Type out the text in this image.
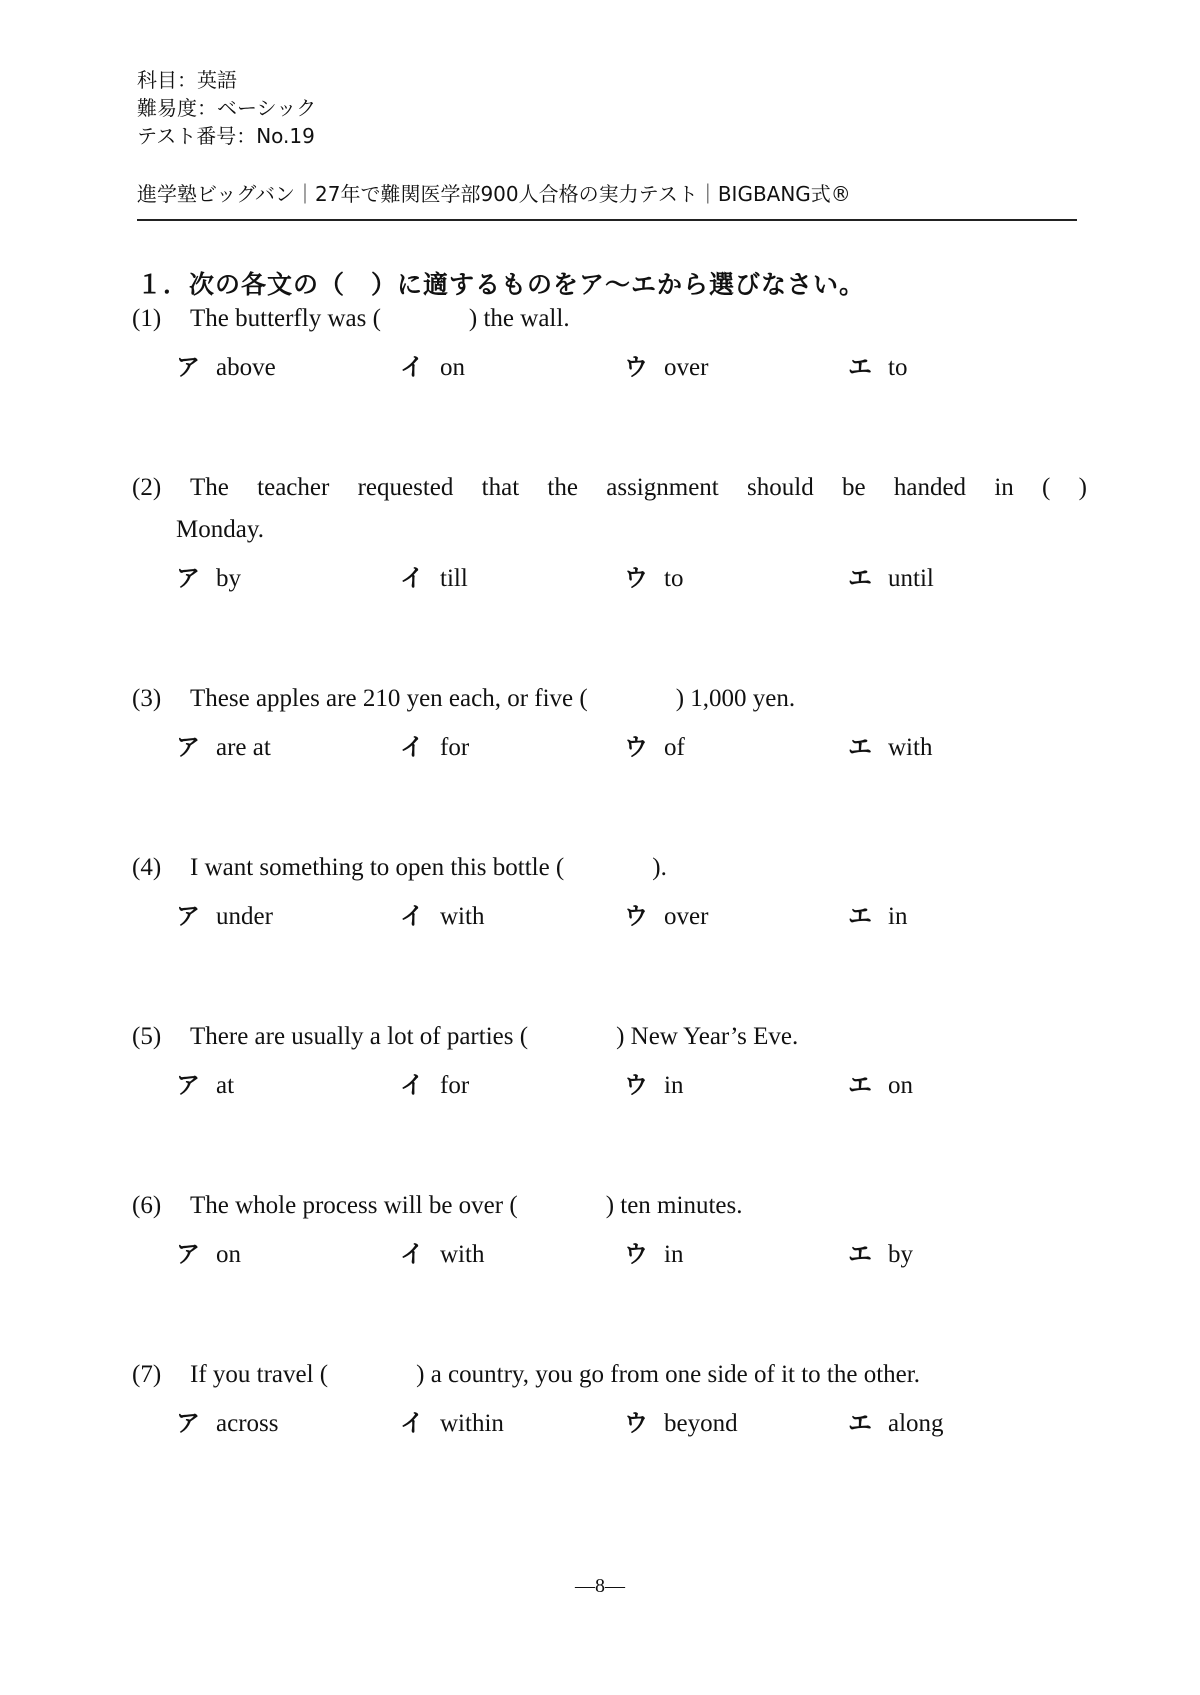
科目：英語
難易度：ベーシック
テスト番号：No.19
進学塾ビッグバン｜27年で難関医学部900人合格の実力テスト｜BIGBANG式®
１．次の各文の（　）に適するものをア～エから選びなさい。
(1) The butterfly was (	) the wall.
ア above	イ on	ウ over	エ to
(2) The teacher requested that the assignment should be handed in ( )
Monday.
ア by	イ till	ウ to	エ until
(3) These apples are 210 yen each, or five (	) 1,000 yen.
ア are at	イ for	ウ of	エ with
(4) I want something to open this bottle (	).
ア under	イ with	ウ over	エ in
(5) There are usually a lot of parties (	) New Year’s Eve.
ア at	イ for	ウ in	エ on
(6) The whole process will be over (	) ten minutes.
ア on	イ with	ウ in	エ by
(7) If you travel (	) a country, you go from one side of it to the other.
ア across	イ within	ウ beyond	エ along
—8—
